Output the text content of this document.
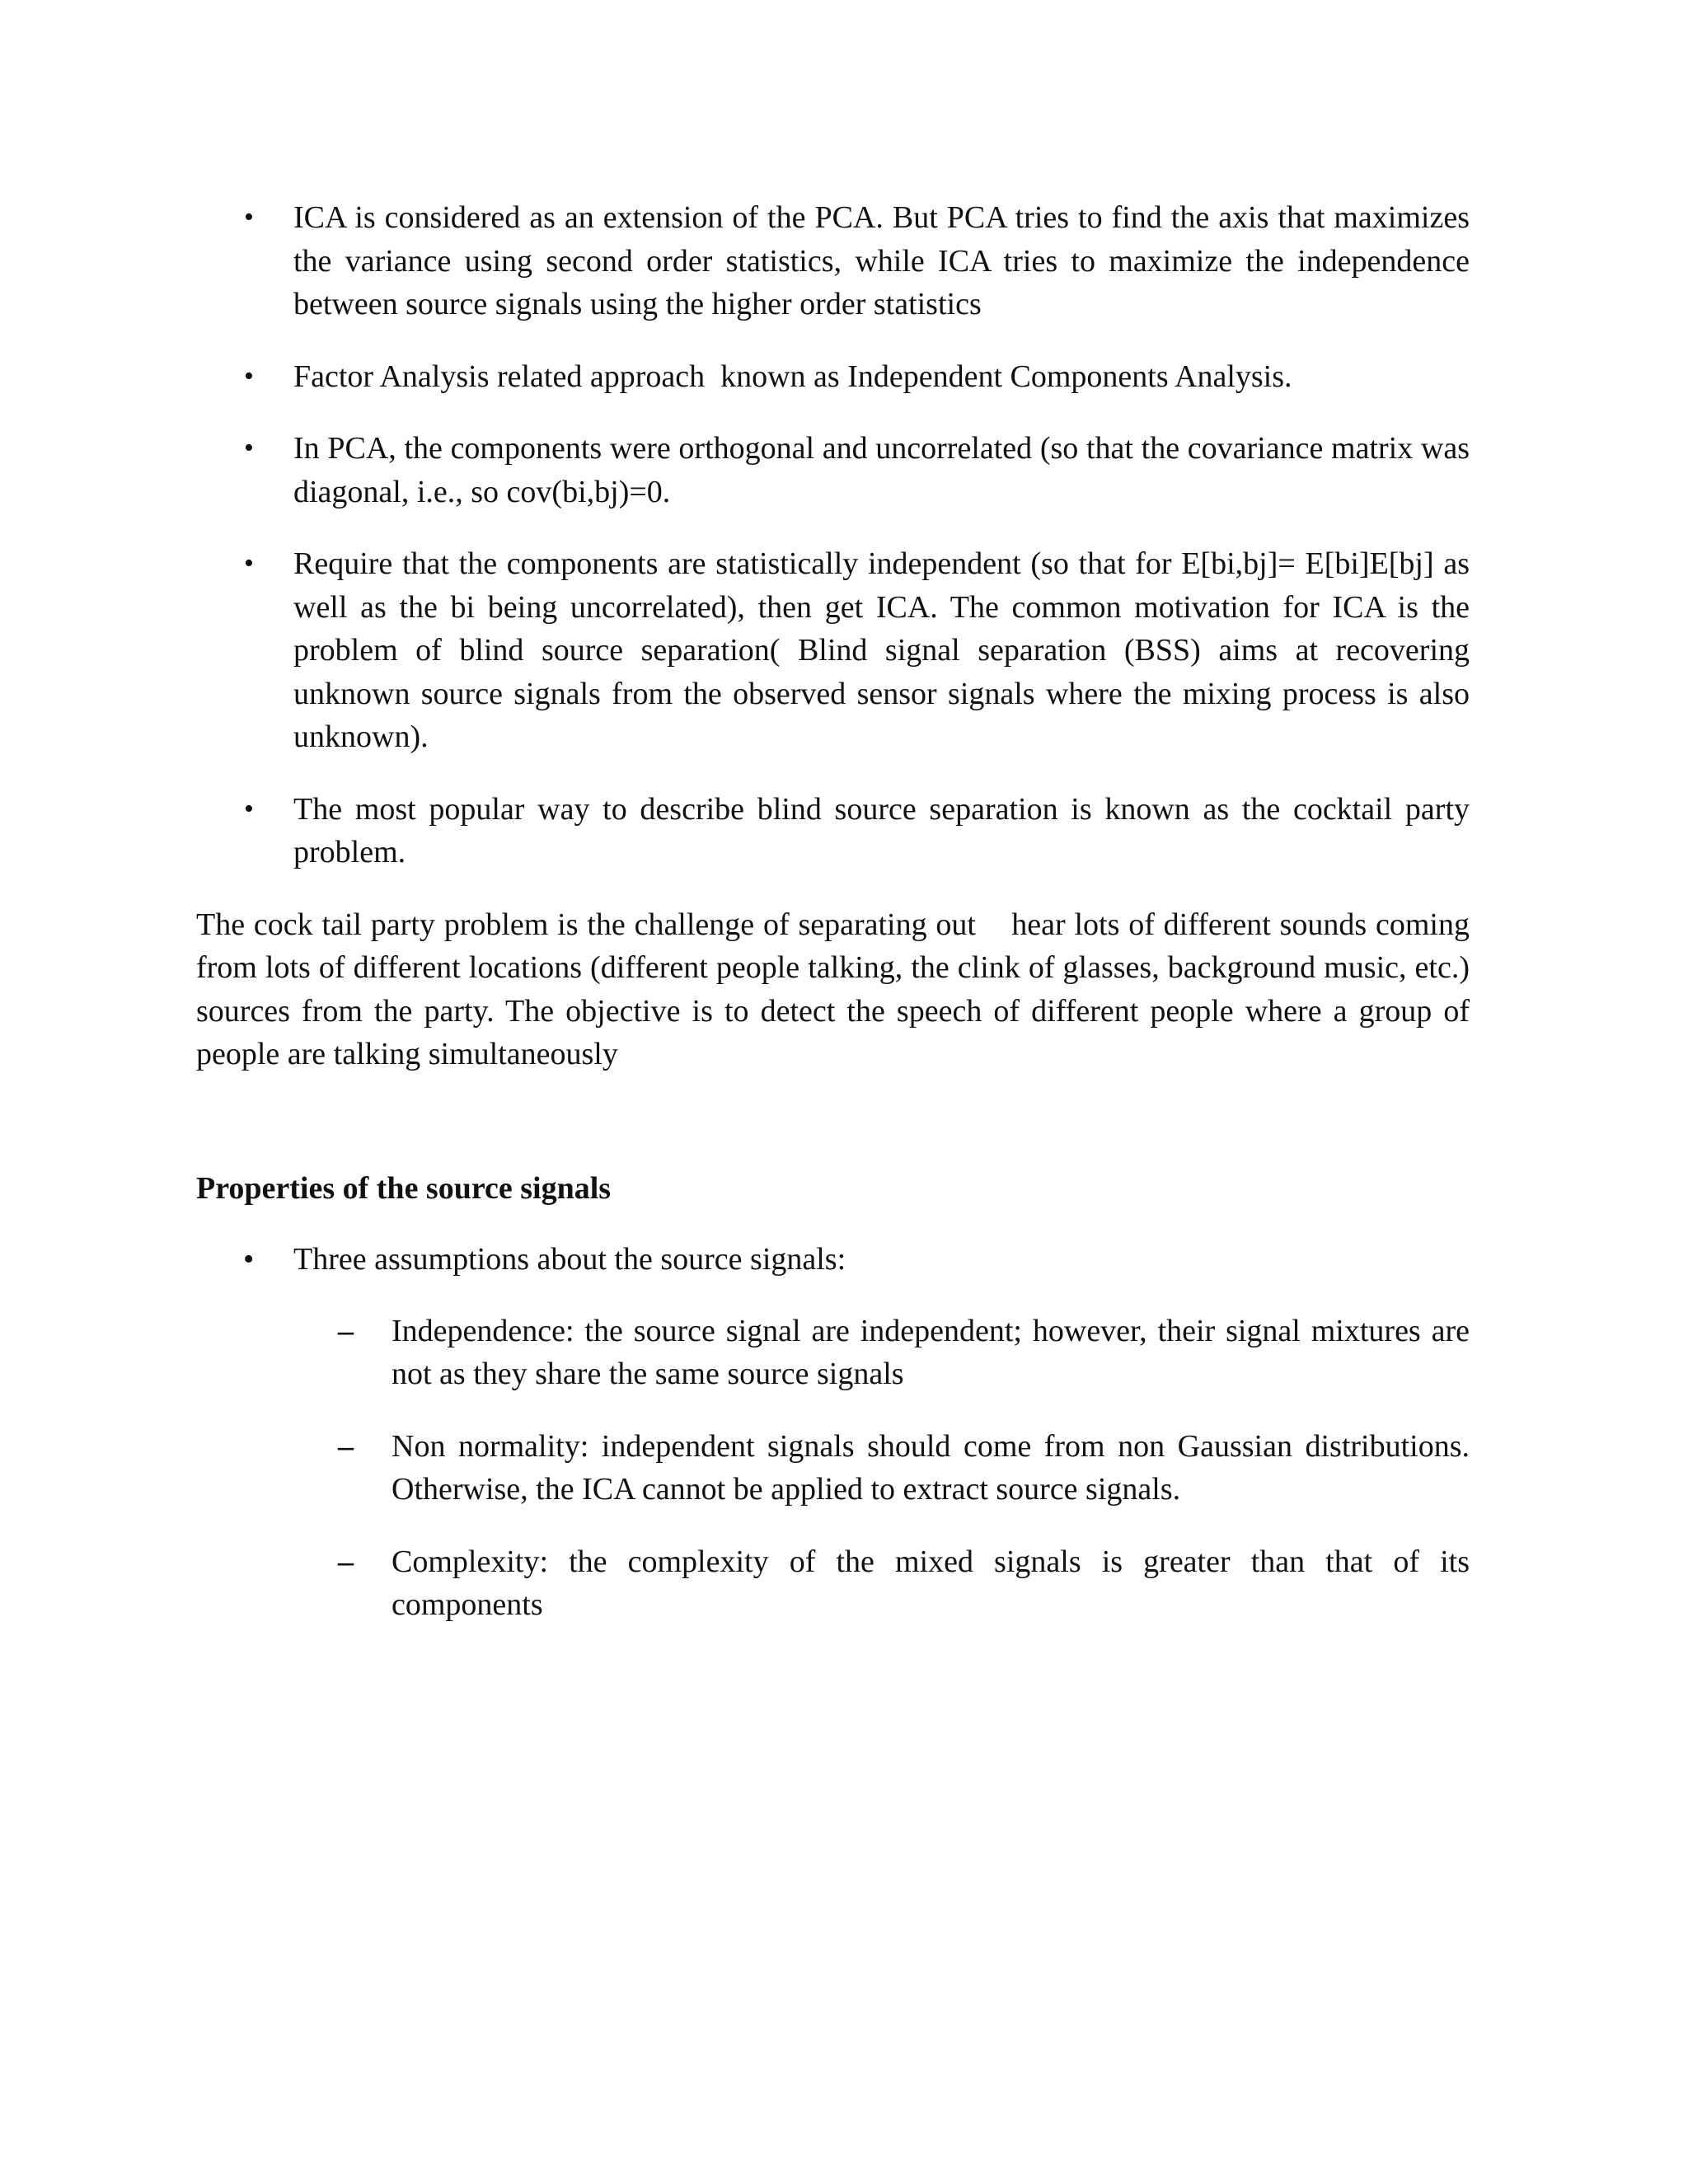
•	ICA is considered as an extension of the PCA. But PCA tries to find the axis that maximizes the variance using second order statistics, while ICA tries to maximize the independence between source signals using the higher order statistics
•	Factor Analysis related approach  known as Independent Components Analysis.
•	In PCA, the components were orthogonal and uncorrelated (so that the covariance matrix was diagonal, i.e., so cov(bi,bj)=0.
•	Require that the components are statistically independent (so that for E[bi,bj]= E[bi]E[bj] as well as the bi being uncorrelated), then get ICA. The common motivation for ICA is the problem of blind source separation( Blind signal separation (BSS) aims at recovering unknown source signals from the observed sensor signals where the mixing process is also unknown).
•	The most popular way to describe blind source separation is known as the cocktail party problem.

The cock tail party problem is the challenge of separating out    hear lots of different sounds coming from lots of different locations (different people talking, the clink of glasses, background music, etc.) sources from the party. The objective is to detect the speech of different people where a group of people are talking simultaneously

Properties of the source signals

• Three assumptions about the source signals:
– Independence: the source signal are independent; however, their signal mixtures are not as they share the same source signals
– Non normality: independent signals should come from non Gaussian distributions. Otherwise, the ICA cannot be applied to extract source signals.
– Complexity: the complexity of the mixed signals is greater than that of its components
